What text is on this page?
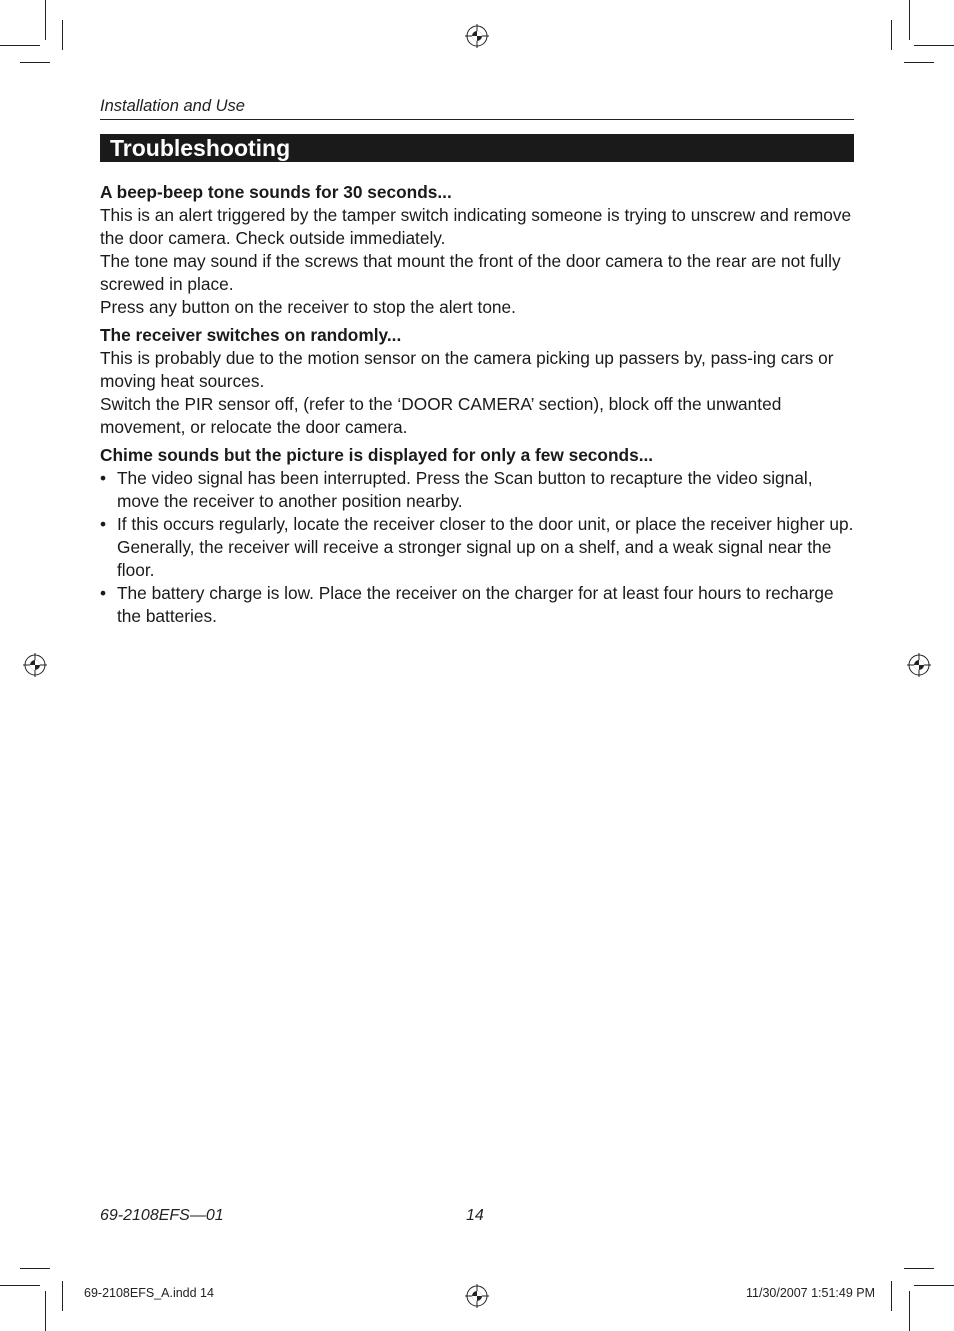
Installation and Use
Troubleshooting
A beep-beep tone sounds for 30 seconds...
This is an alert triggered by the tamper switch indicating someone is trying to unscrew and remove the door camera. Check outside immediately.
The tone may sound if the screws that mount the front of the door camera to the rear are not fully screwed in place.
Press any button on the receiver to stop the alert tone.
The receiver switches on randomly...
This is probably due to the motion sensor on the camera picking up passers by, pass-ing cars or moving heat sources.
Switch the PIR sensor off, (refer to the ‘DOOR CAMERA’ section), block off the unwanted movement, or relocate the door camera.
Chime sounds but the picture is displayed for only a few seconds...
• The video signal has been interrupted. Press the Scan button to recapture the video signal, move the receiver to another position nearby.
• If this occurs regularly, locate the receiver closer to the door unit, or place the receiver higher up. Generally, the receiver will receive a stronger signal up on a shelf, and a weak signal near the floor.
• The battery charge is low. Place the receiver on the charger for at least four hours to recharge the batteries.
69-2108EFS—01	14
69-2108EFS_A.indd 14	11/30/2007 1:51:49 PM
